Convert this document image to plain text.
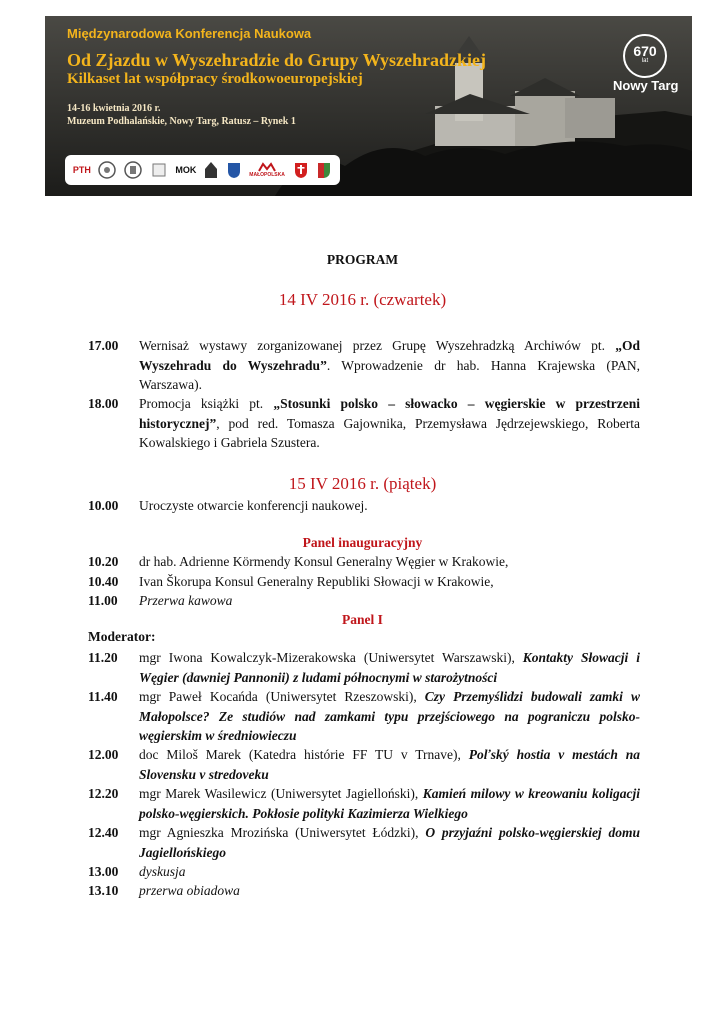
Międzynarodowa Konferencja Naukowa
Od Zjazdu w Wyszehradzie do Grupy Wyszehradzkiej
Kilkaset lat współpracy środkowoeuropejskiej
14-16 kwietnia 2016 r.
Muzeum Podhalańskie, Nowy Targ, Ratusz – Rynek 1
670
lat
Nowy Targ
PTH	MOK	MAŁOPOLSKA
PROGRAM
14 IV 2016 r. (czwartek)
17.00 Wernisaż wystawy zorganizowanej przez Grupę Wyszehradzką Archiwów pt. „Od Wyszehradu do Wyszehradu”. Wprowadzenie dr hab. Hanna Krajewska (PAN, Warszawa).
18.00 Promocja książki pt. „Stosunki polsko – słowacko – węgierskie w przestrzeni historycznej”, pod red. Tomasza Gajownika, Przemysława Jędrzejewskiego, Roberta Kowalskiego i Gabriela Szustera.
15 IV 2016 r. (piątek)
10.00 Uroczyste otwarcie konferencji naukowej.
Panel inauguracyjny
10.20 dr hab. Adrienne Körmendy Konsul Generalny Węgier w Krakowie,
10.40 Ivan Škorupa Konsul Generalny Republiki Słowacji w Krakowie,
11.00 Przerwa kawowa
Panel I
Moderator:
11.20 mgr Iwona Kowalczyk-Mizerakowska (Uniwersytet Warszawski), Kontakty Słowacji i Węgier (dawniej Pannonii) z ludami północnymi w starożytności
11.40 mgr Paweł Kocańda (Uniwersytet Rzeszowski), Czy Przemyślidzi budowali zamki w Małopolsce? Ze studiów nad zamkami typu przejściowego na pograniczu polsko-węgierskim w średniowieczu
12.00 doc Miloš Marek (Katedra histórie FF TU v Trnave), Poľský hostia v mestách na Slovensku v stredoveku
12.20 mgr Marek Wasilewicz (Uniwersytet Jagielloński), Kamień milowy w kreowaniu koligacji polsko-węgierskich. Pokłosie polityki Kazimierza Wielkiego
12.40 mgr Agnieszka Mrozińska (Uniwersytet Łódzki), O przyjaźni polsko-węgierskiej domu Jagiellońskiego
13.00 dyskusja
13.10 przerwa obiadowa
